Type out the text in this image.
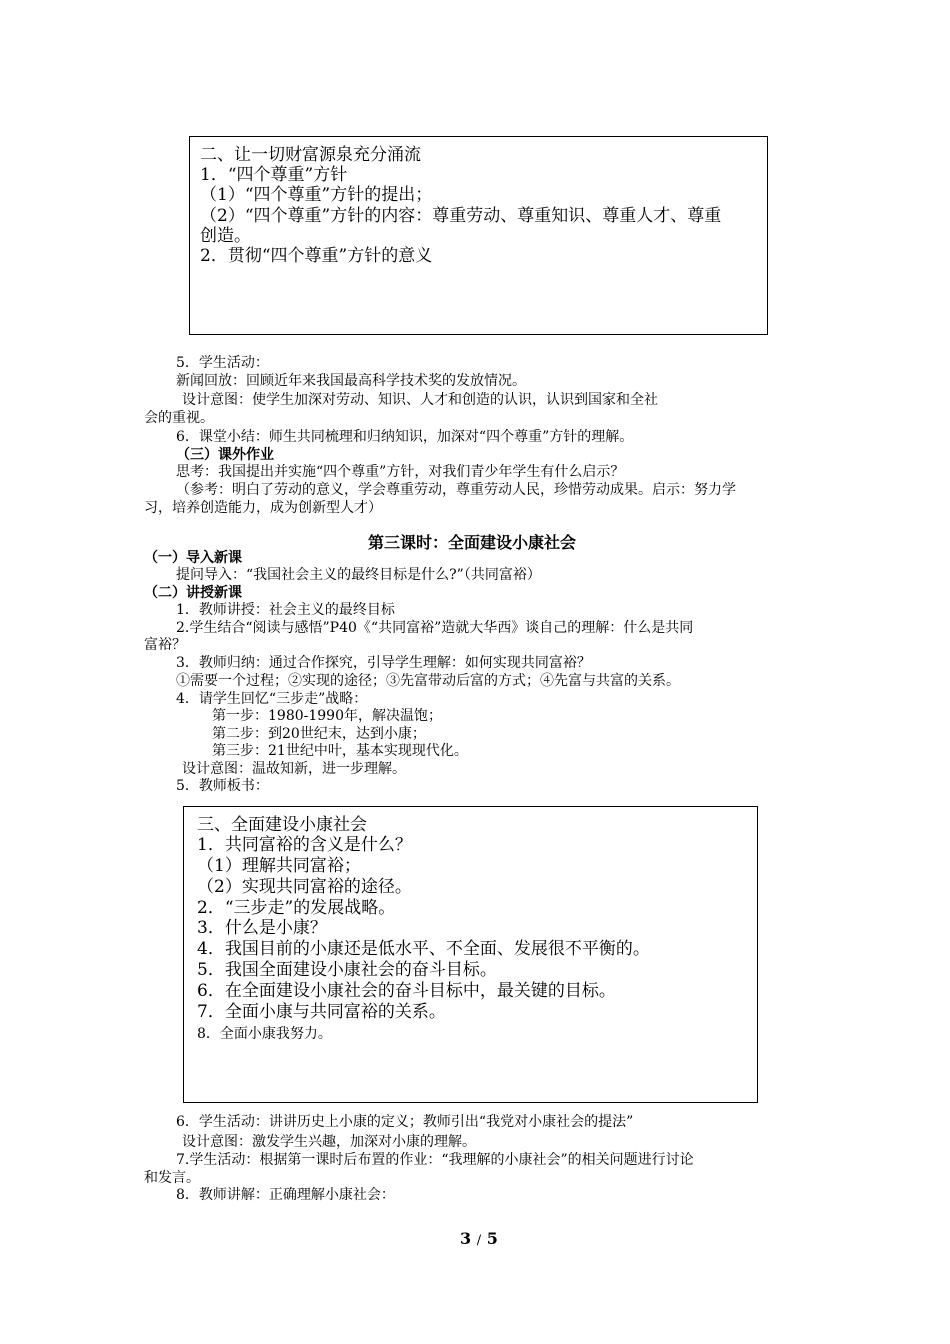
二、让一切财富源泉充分涌流
1．“四个尊重”方针
（1）“四个尊重”方针的提出；
（2）“四个尊重”方针的内容：尊重劳动、尊重知识、尊重人才、尊重
创造。
2．贯彻“四个尊重”方针的意义
5．学生活动：
新闻回放：回顾近年来我国最高科学技术奖的发放情况。
设计意图：使学生加深对劳动、知识、人才和创造的认识，认识到国家和全社
会的重视。
6．课堂小结：师生共同梳理和归纳知识，加深对“四个尊重”方针的理解。
（三）课外作业
思考：我国提出并实施“四个尊重”方针，对我们青少年学生有什么启示？
（参考：明白了劳动的意义，学会尊重劳动，尊重劳动人民，珍惜劳动成果。启示：努力学
习，培养创造能力，成为创新型人才）
第三课时：全面建设小康社会
（一）导入新课
提问导入：“我国社会主义的最终目标是什么?”（共同富裕）
（二）讲授新课
1．教师讲授：社会主义的最终目标
2.学生结合“阅读与感悟”P40《“共同富裕”造就大华西》谈自己的理解：什么是共同
富裕？
3．教师归纳：通过合作探究，引导学生理解：如何实现共同富裕？
①需要一个过程；②实现的途径；③先富带动后富的方式；④先富与共富的关系。
4．请学生回忆“三步走”战略：
第一步：1980-1990年，解决温饱；
第二步：到20世纪末，达到小康；
第三步：21世纪中叶，基本实现现代化。
设计意图：温故知新，进一步理解。
5．教师板书：
三、全面建设小康社会
1．共同富裕的含义是什么？
（1）理解共同富裕；
（2）实现共同富裕的途径。
2．“三步走”的发展战略。
3．什么是小康？
4．我国目前的小康还是低水平、不全面、发展很不平衡的。
5．我国全面建设小康社会的奋斗目标。
6．在全面建设小康社会的奋斗目标中，最关键的目标。
7．全面小康与共同富裕的关系。
8．全面小康我努力。
6．学生活动：讲讲历史上小康的定义；教师引出“我党对小康社会的提法”
设计意图：激发学生兴趣，加深对小康的理解。
7.学生活动：根据第一课时后布置的作业：“我理解的小康社会”的相关问题进行讨论
和发言。
8．教师讲解：正确理解小康社会：
3 / 5
